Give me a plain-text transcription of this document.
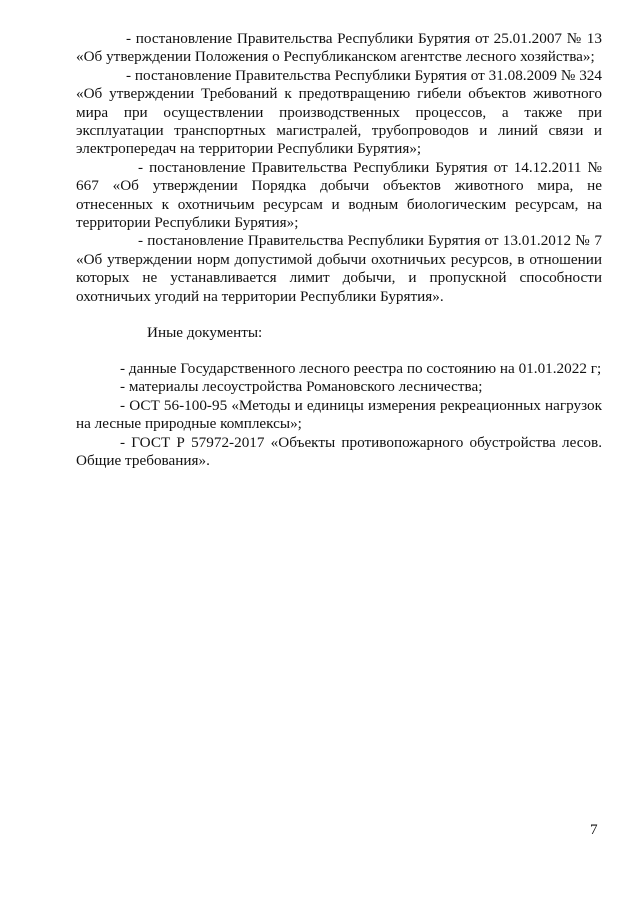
- постановление Правительства Республики Бурятия от 25.01.2007 № 13 «Об утверждении Положения о Республиканском агентстве лесного хозяйства»;

- постановление Правительства Республики Бурятия от 31.08.2009 № 324 «Об утверждении Требований к предотвращению гибели объектов животного мира при осуществлении производственных процессов, а также при эксплуатации транспортных магистралей, трубопроводов и линий связи и электропередач на территории Республики Бурятия»;

- постановление Правительства Республики Бурятия от 14.12.2011 № 667 «Об утверждении Порядка добычи объектов животного мира, не отнесенных к охотничьим ресурсам и водным биологическим ресурсам, на территории Республики Бурятия»;

- постановление Правительства Республики Бурятия от 13.01.2012 № 7 «Об утверждении норм допустимой добычи охотничьих ресурсов, в отношении которых не устанавливается лимит добычи, и пропускной способности охотничьих угодий на территории Республики Бурятия».

Иные документы:

- данные Государственного лесного реестра по состоянию на 01.01.2022 г;

- материалы лесоустройства Романовского лесничества;

- ОСТ 56-100-95 «Методы и единицы измерения рекреационных нагрузок на лесные природные комплексы»;

- ГОСТ Р 57972-2017 «Объекты противопожарного обустройства лесов. Общие требования».

7
